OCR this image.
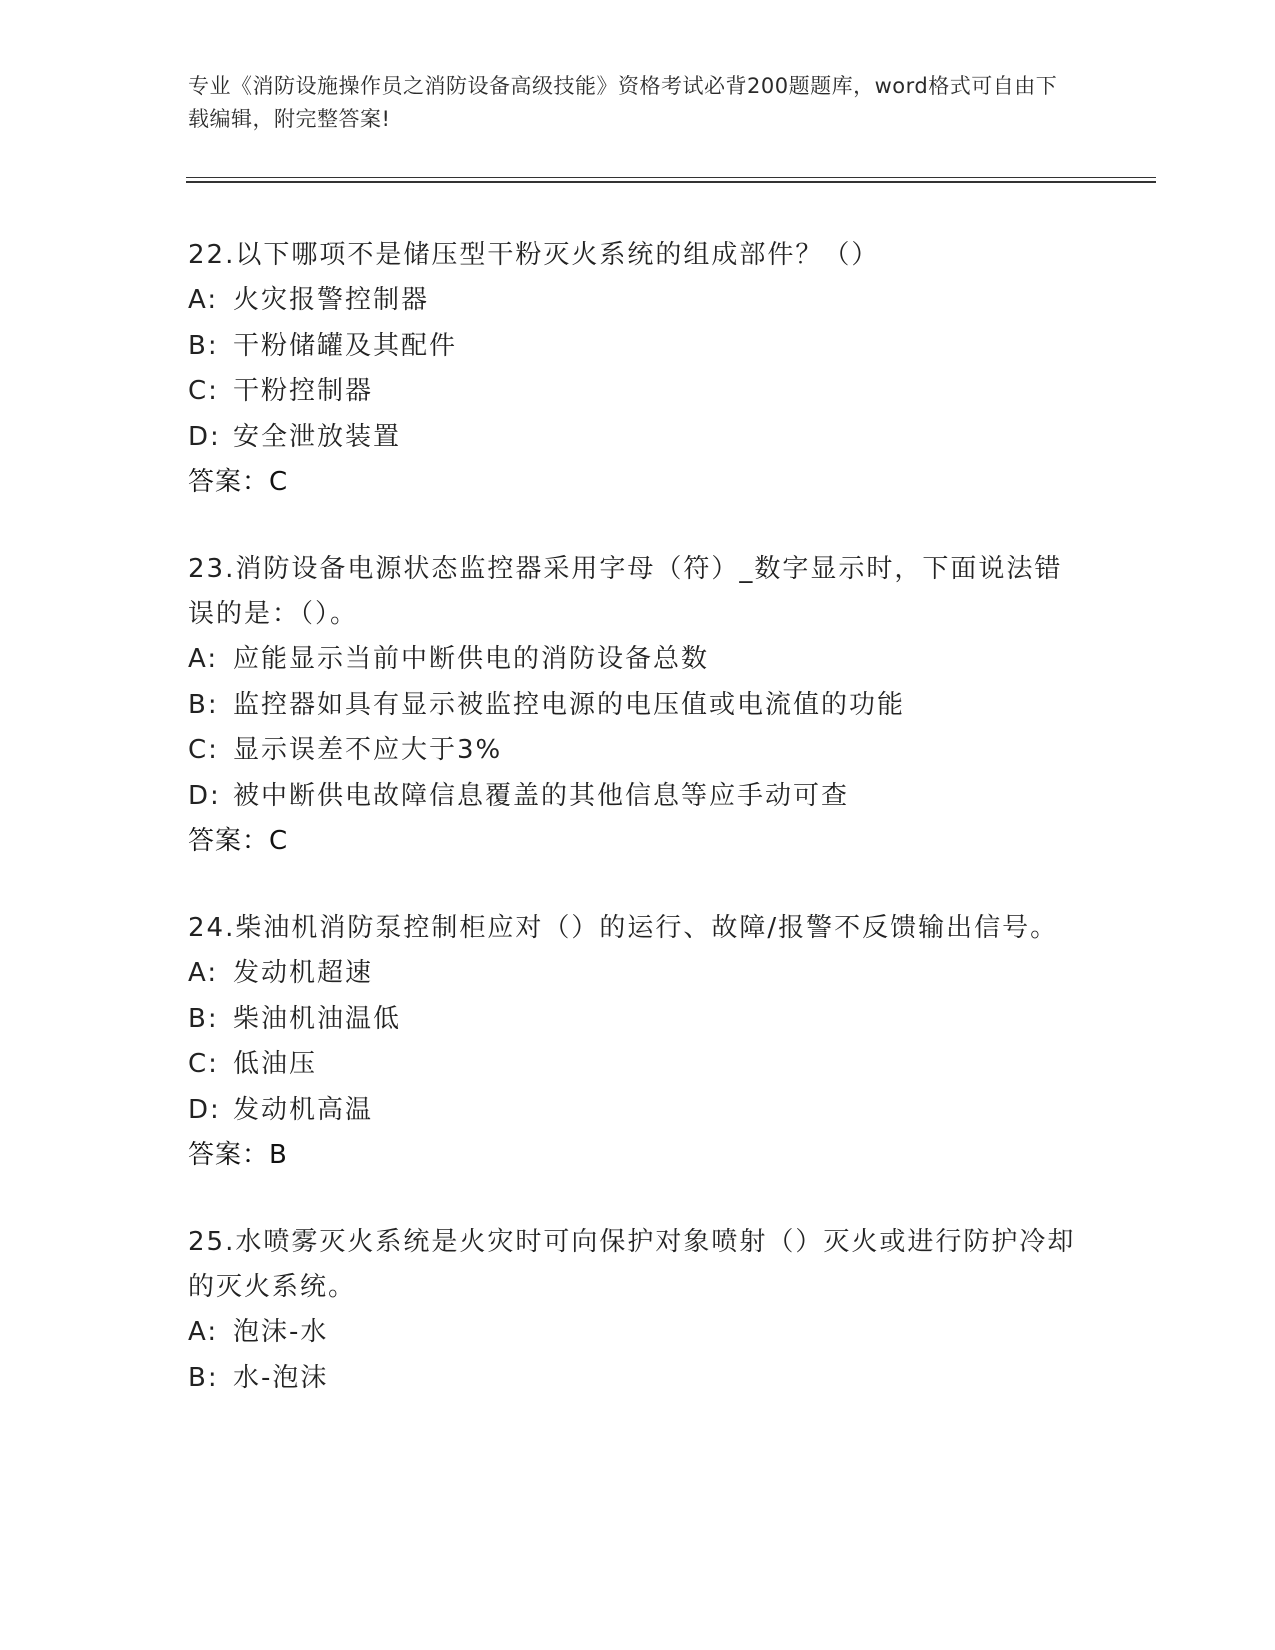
专业《消防设施操作员之消防设备高级技能》资格考试必背200题题库，word格式可自由下载编辑，附完整答案!

22.以下哪项不是储压型干粉灭火系统的组成部件？（）

A: 火灾报警控制器

B: 干粉储罐及其配件

C: 干粉控制器

D: 安全泄放装置

答案：C

23.消防设备电源状态监控器采用字母（符）_数字显示时，下面说法错误的是：（）。

A: 应能显示当前中断供电的消防设备总数

B: 监控器如具有显示被监控电源的电压值或电流值的功能

C: 显示误差不应大于3%

D: 被中断供电故障信息覆盖的其他信息等应手动可查

答案：C

24.柴油机消防泵控制柜应对（）的运行、故障/报警不反馈输出信号。

A: 发动机超速

B: 柴油机油温低

C: 低油压

D: 发动机高温

答案：B

25.水喷雾灭火系统是火灾时可向保护对象喷射（）灭火或进行防护冷却的灭火系统。

A: 泡沫-水

B: 水-泡沫
